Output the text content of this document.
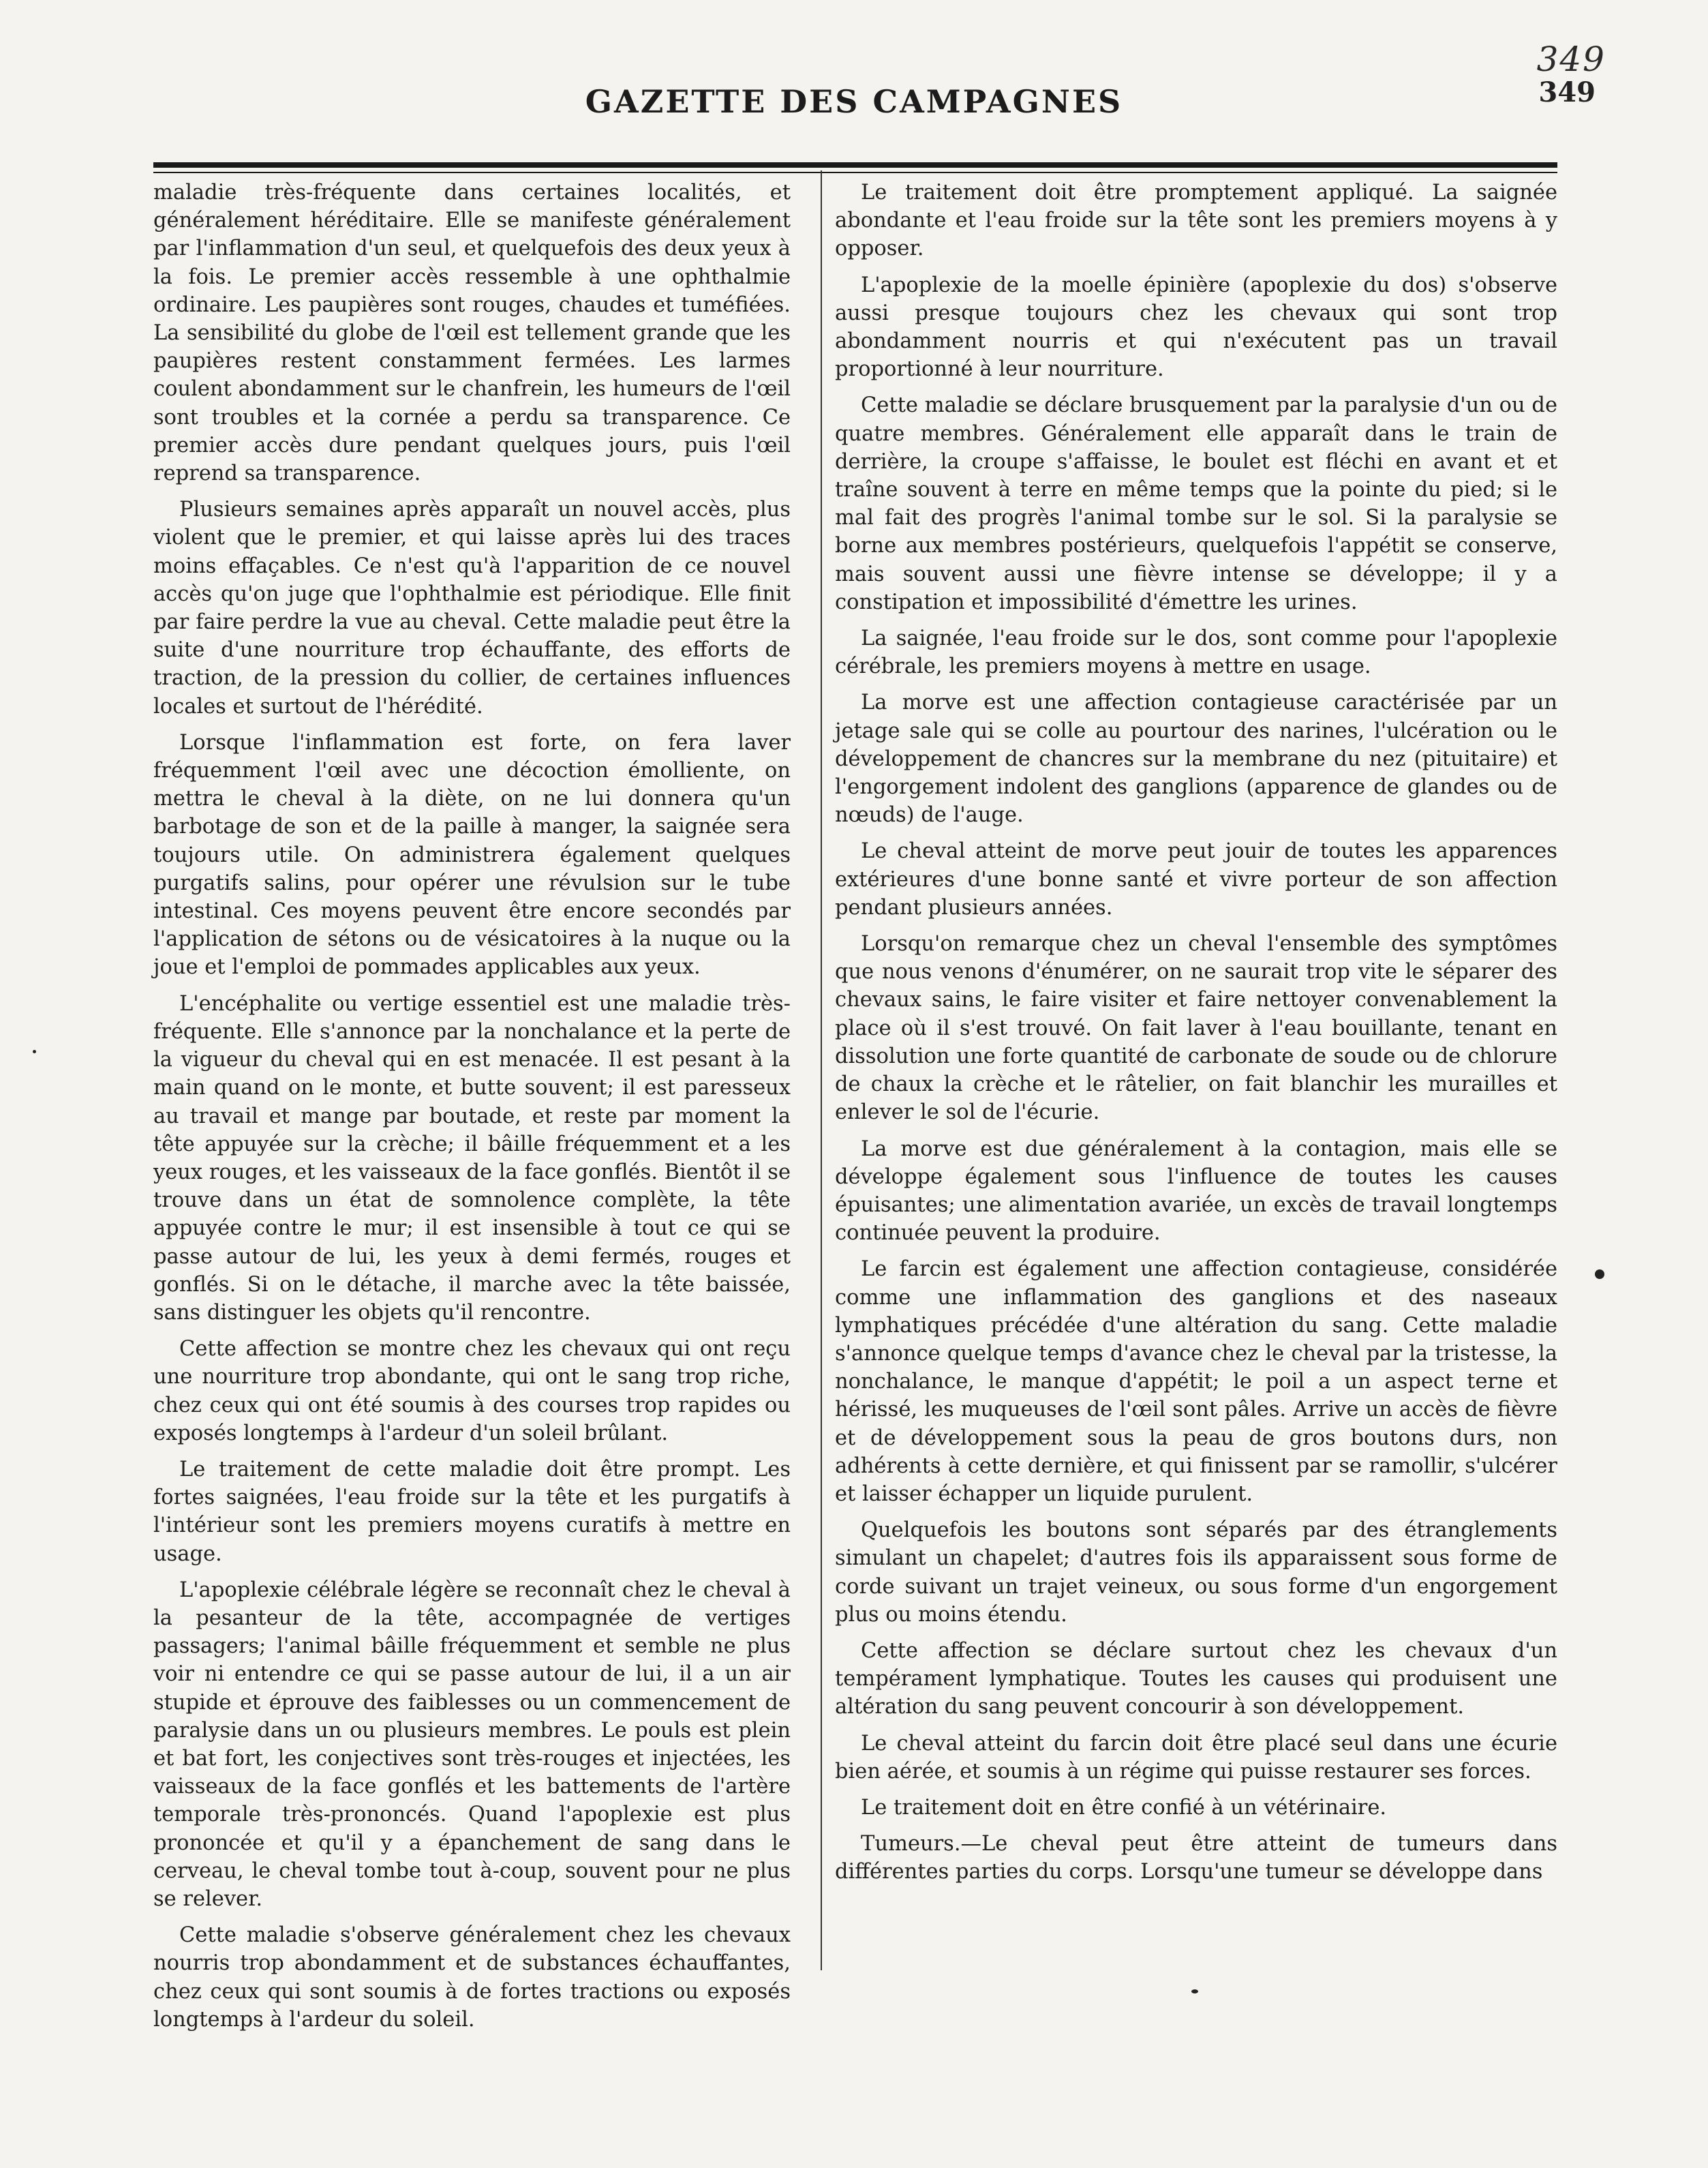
349
349
GAZETTE DES CAMPAGNES

maladie très-fréquente dans certaines localités, et généralement héréditaire. Elle se manifeste généralement par l'inflammation d'un seul, et quelquefois des deux yeux à la fois. Le premier accès ressemble à une ophthalmie ordinaire. Les paupières sont rouges, chaudes et tuméfiées. La sensibilité du globe de l'œil est tellement grande que les paupières restent constamment fermées. Les larmes coulent abondamment sur le chanfrein, les humeurs de l'œil sont troubles et la cornée a perdu sa transparence. Ce premier accès dure pendant quelques jours, puis l'œil reprend sa transparence.

Plusieurs semaines après apparaît un nouvel accès, plus violent que le premier, et qui laisse après lui des traces moins effaçables. Ce n'est qu'à l'apparition de ce nouvel accès qu'on juge que l'ophthalmie est périodique. Elle finit par faire perdre la vue au cheval. Cette maladie peut être la suite d'une nourriture trop échauffante, des efforts de traction, de la pression du collier, de certaines influences locales et surtout de l'hérédité.

Lorsque l'inflammation est forte, on fera laver fréquemment l'œil avec une décoction émolliente, on mettra le cheval à la diète, on ne lui donnera qu'un barbotage de son et de la paille à manger, la saignée sera toujours utile. On administrera également quelques purgatifs salins, pour opérer une révulsion sur le tube intestinal. Ces moyens peuvent être encore secondés par l'application de sétons ou de vésicatoires à la nuque ou la joue et l'emploi de pommades applicables aux yeux.

L'encéphalite ou vertige essentiel est une maladie très-fréquente. Elle s'annonce par la nonchalance et la perte de la vigueur du cheval qui en est menacée. Il est pesant à la main quand on le monte, et butte souvent; il est paresseux au travail et mange par boutade, et reste par moment la tête appuyée sur la crèche; il bâille fréquemment et a les yeux rouges, et les vaisseaux de la face gonflés. Bientôt il se trouve dans un état de somnolence complète, la tête appuyée contre le mur; il est insensible à tout ce qui se passe autour de lui, les yeux à demi fermés, rouges et gonflés. Si on le détache, il marche avec la tête baissée, sans distinguer les objets qu'il rencontre.

Cette affection se montre chez les chevaux qui ont reçu une nourriture trop abondante, qui ont le sang trop riche, chez ceux qui ont été soumis à des courses trop rapides ou exposés longtemps à l'ardeur d'un soleil brûlant.

Le traitement de cette maladie doit être prompt. Les fortes saignées, l'eau froide sur la tête et les purgatifs à l'intérieur sont les premiers moyens curatifs à mettre en usage.

L'apoplexie célébrale légère se reconnaît chez le cheval à la pesanteur de la tête, accompagnée de vertiges passagers; l'animal bâille fréquemment et semble ne plus voir ni entendre ce qui se passe autour de lui, il a un air stupide et éprouve des faiblesses ou un commencement de paralysie dans un ou plusieurs membres. Le pouls est plein et bat fort, les conjectives sont très-rouges et injectées, les vaisseaux de la face gonflés et les battements de l'artère temporale très-prononcés. Quand l'apoplexie est plus prononcée et qu'il y a épanchement de sang dans le cerveau, le cheval tombe tout à-coup, souvent pour ne plus se relever.

Cette maladie s'observe généralement chez les chevaux nourris trop abondamment et de substances échauffantes, chez ceux qui sont soumis à de fortes tractions ou exposés longtemps à l'ardeur du soleil.

Le traitement doit être promptement appliqué. La saignée abondante et l'eau froide sur la tête sont les premiers moyens à y opposer.

L'apoplexie de la moelle épinière (apoplexie du dos) s'observe aussi presque toujours chez les chevaux qui sont trop abondamment nourris et qui n'exécutent pas un travail proportionné à leur nourriture.

Cette maladie se déclare brusquement par la paralysie d'un ou de quatre membres. Généralement elle apparaît dans le train de derrière, la croupe s'affaisse, le boulet est fléchi en avant et et traîne souvent à terre en même temps que la pointe du pied; si le mal fait des progrès l'animal tombe sur le sol. Si la paralysie se borne aux membres postérieurs, quelquefois l'appétit se conserve, mais souvent aussi une fièvre intense se développe; il y a constipation et impossibilité d'émettre les urines.

La saignée, l'eau froide sur le dos, sont comme pour l'apoplexie cérébrale, les premiers moyens à mettre en usage.

La morve est une affection contagieuse caractérisée par un jetage sale qui se colle au pourtour des narines, l'ulcération ou le développement de chancres sur la membrane du nez (pituitaire) et l'engorgement indolent des ganglions (apparence de glandes ou de nœuds) de l'auge.

Le cheval atteint de morve peut jouir de toutes les apparences extérieures d'une bonne santé et vivre porteur de son affection pendant plusieurs années.

Lorsqu'on remarque chez un cheval l'ensemble des symptômes que nous venons d'énumérer, on ne saurait trop vite le séparer des chevaux sains, le faire visiter et faire nettoyer convenablement la place où il s'est trouvé. On fait laver à l'eau bouillante, tenant en dissolution une forte quantité de carbonate de soude ou de chlorure de chaux la crèche et le râtelier, on fait blanchir les murailles et enlever le sol de l'écurie.

La morve est due généralement à la contagion, mais elle se développe également sous l'influence de toutes les causes épuisantes; une alimentation avariée, un excès de travail longtemps continuée peuvent la produire.

Le farcin est également une affection contagieuse, considérée comme une inflammation des ganglions et des naseaux lymphatiques précédée d'une altération du sang. Cette maladie s'annonce quelque temps d'avance chez le cheval par la tristesse, la nonchalance, le manque d'appétit; le poil a un aspect terne et hérissé, les muqueuses de l'œil sont pâles. Arrive un accès de fièvre et de développement sous la peau de gros boutons durs, non adhérents à cette dernière, et qui finissent par se ramollir, s'ulcérer et laisser échapper un liquide purulent.

Quelquefois les boutons sont séparés par des étranglements simulant un chapelet; d'autres fois ils apparaissent sous forme de corde suivant un trajet veineux, ou sous forme d'un engorgement plus ou moins étendu.

Cette affection se déclare surtout chez les chevaux d'un tempérament lymphatique. Toutes les causes qui produisent une altération du sang peuvent concourir à son développement.

Le cheval atteint du farcin doit être placé seul dans une écurie bien aérée, et soumis à un régime qui puisse restaurer ses forces.

Le traitement doit en être confié à un vétérinaire.

Tumeurs.—Le cheval peut être atteint de tumeurs dans différentes parties du corps. Lorsqu'une tumeur se développe dans
